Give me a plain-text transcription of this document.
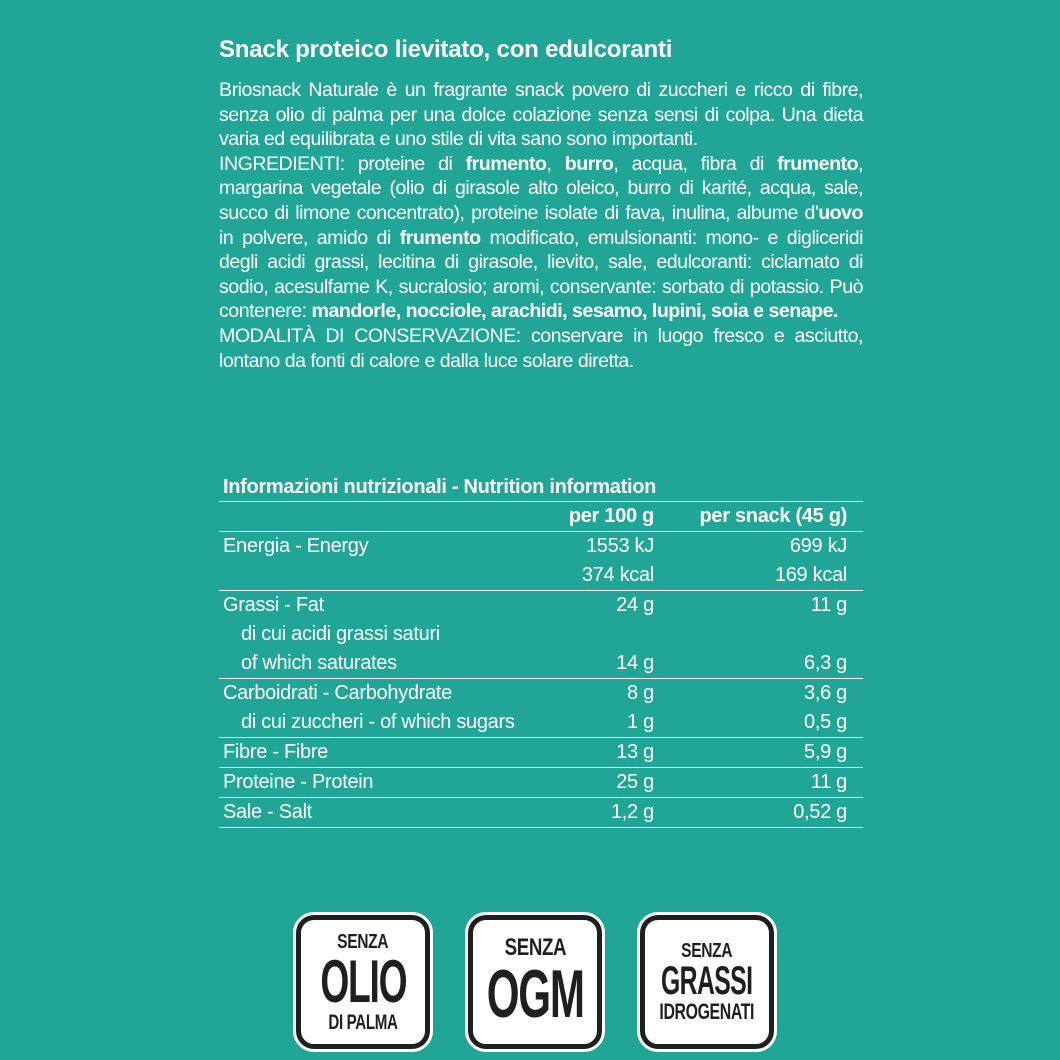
Snack proteico lievitato, con edulcoranti

Briosnack Naturale è un fragrante snack povero di zuccheri e ricco di fibre, senza olio di palma per una dolce colazione senza sensi di colpa. Una dieta varia ed equilibrata e uno stile di vita sano sono importanti.

INGREDIENTI: proteine di frumento, burro, acqua, fibra di frumento, margarina vegetale (olio di girasole alto oleico, burro di karité, acqua, sale, succo di limone concentrato), proteine isolate di fava, inulina, albume d'uovo in polvere, amido di frumento modificato, emulsionanti: mono- e digliceridi degli acidi grassi, lecitina di girasole, lievito, sale, edulcoranti: ciclamato di sodio, acesulfame K, sucralosio; aromi, conservante: sorbato di potassio. Può contenere: mandorle, nocciole, arachidi, sesamo, lupini, soia e senape.

MODALITÀ DI CONSERVAZIONE: conservare in luogo fresco e asciutto, lontano da fonti di calore e dalla luce solare diretta.

Informazioni nutrizionali - Nutrition information
	per 100 g	per snack (45 g)
Energia - Energy	1553 kJ	699 kJ
	374 kcal	169 kcal
Grassi - Fat	24 g	11 g
di cui acidi grassi saturi		
of which saturates	14 g	6,3 g
Carboidrati - Carbohydrate	8 g	3,6 g
di cui zuccheri - of which sugars	1 g	0,5 g
Fibre - Fibre	13 g	5,9 g
Proteine - Protein	25 g	11 g
Sale - Salt	1,2 g	0,52 g
SENZA
OLIO
DI PALMA
SENZA
OGM
SENZA
GRASSI
IDROGENATI
